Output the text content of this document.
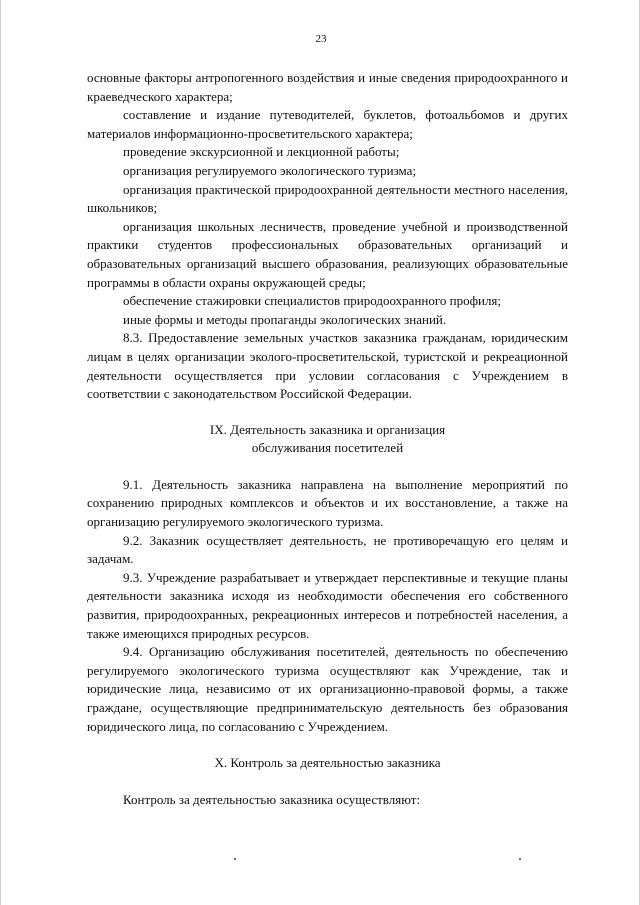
23

основные факторы антропогенного воздействия и иные сведения природоохранного и краеведческого характера;

составление и издание путеводителей, буклетов, фотоальбомов и других материалов информационно-просветительского характера;

проведение экскурсионной и лекционной работы;

организация регулируемого экологического туризма;

организация практической природоохранной деятельности местного населения, школьников;

организация школьных лесничеств, проведение учебной и производственной практики студентов профессиональных образовательных организаций и образовательных организаций высшего образования, реализующих образовательные программы в области охраны окружающей среды;

обеспечение стажировки специалистов природоохранного профиля;

иные формы и методы пропаганды экологических знаний.

8.3. Предоставление земельных участков заказника гражданам, юридическим лицам в целях организации эколого-просветительской, туристской и рекреационной деятельности осуществляется при условии согласования с Учреждением в соответствии с законодательством Российской Федерации.

IX. Деятельность заказника и организация
обслуживания посетителей

9.1. Деятельность заказника направлена на выполнение мероприятий по сохранению природных комплексов и объектов и их восстановление, а также на организацию регулируемого экологического туризма.

9.2. Заказник осуществляет деятельность, не противоречащую его целям и задачам.

9.3. Учреждение разрабатывает и утверждает перспективные и текущие планы деятельности заказника исходя из необходимости обеспечения его собственного развития, природоохранных, рекреационных интересов и потребностей населения, а также имеющихся природных ресурсов.

9.4. Организацию обслуживания посетителей, деятельность по обеспечению регулируемого экологического туризма осуществляют как Учреждение, так и юридические лица, независимо от их организационно-правовой формы, а также граждане, осуществляющие предпринимательскую деятельность без образования юридического лица, по согласованию с Учреждением.

X. Контроль за деятельностью заказника

Контроль за деятельностью заказника осуществляют:
